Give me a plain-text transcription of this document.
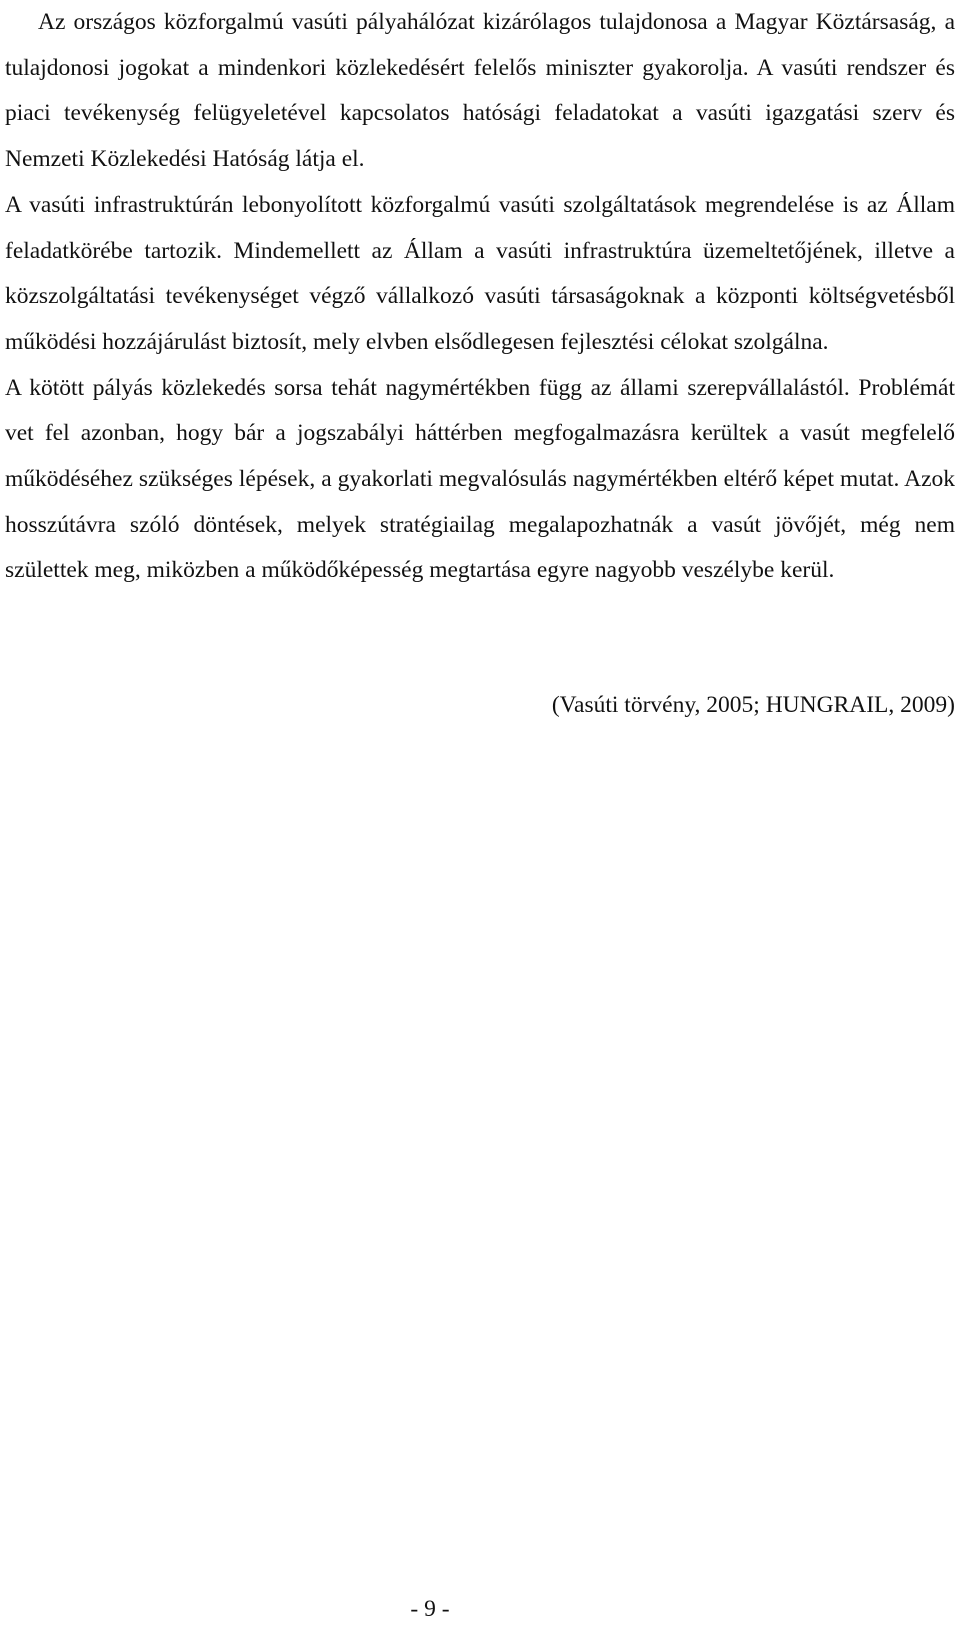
Az országos közforgalmú vasúti pályahálózat kizárólagos tulajdonosa a Magyar Köztársaság, a tulajdonosi jogokat a mindenkori közlekedésért felelős miniszter gyakorolja. A vasúti rendszer és piaci tevékenység felügyeletével kapcsolatos hatósági feladatokat a vasúti igazgatási szerv és Nemzeti Közlekedési Hatóság látja el.

A vasúti infrastruktúrán lebonyolított közforgalmú vasúti szolgáltatások megrendelése is az Állam feladatkörébe tartozik. Mindemellett az Állam a vasúti infrastruktúra üzemeltetőjének, illetve a közszolgáltatási tevékenységet végző vállalkozó vasúti társaságoknak a központi költségvetésből működési hozzájárulást biztosít, mely elvben elsődlegesen fejlesztési célokat szolgálna.

A kötött pályás közlekedés sorsa tehát nagymértékben függ az állami szerepvállalástól. Problémát vet fel azonban, hogy bár a jogszabályi háttérben megfogalmazásra kerültek a vasút megfelelő működéséhez szükséges lépések, a gyakorlati megvalósulás nagymértékben eltérő képet mutat. Azok hosszútávra szóló döntések, melyek stratégiailag megalapozhatnák a vasút jövőjét, még nem születtek meg, miközben a működőképesség megtartása egyre nagyobb veszélybe kerül.

(Vasúti törvény, 2005; HUNGRAIL, 2009)
- 9 -
